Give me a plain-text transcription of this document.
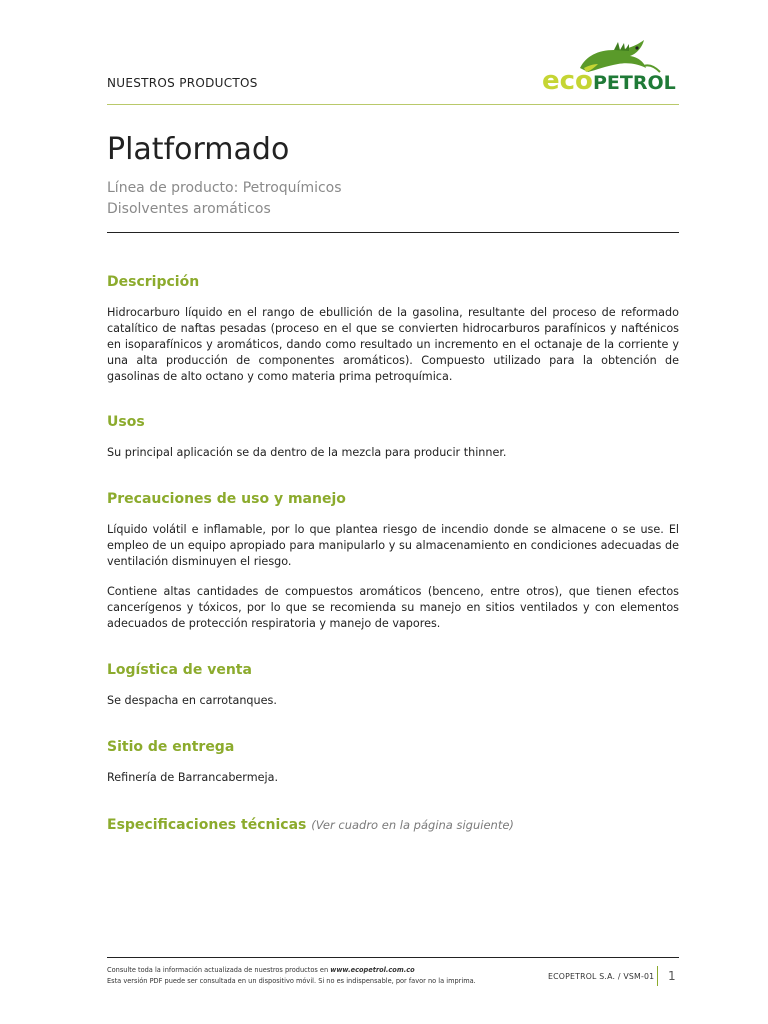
NUESTROS PRODUCTOS	eco PETROL
Platformado
Línea de producto: Petroquímicos
Disolventes aromáticos
Descripción

Hidrocarburo líquido en el rango de ebullición de la gasolina, resultante del proceso de reformado catalítico de naftas pesadas (proceso en el que se convierten hidrocarburos parafínicos y nafténicos en isoparafínicos y aromáticos, dando como resultado un incremento en el octanaje de la corriente y una alta producción de componentes aromáticos). Compuesto utilizado para la obtención de gasolinas de alto octano y como materia prima petroquímica.

Usos

Su principal aplicación se da dentro de la mezcla para producir thinner.

Precauciones de uso y manejo

Líquido volátil e inflamable, por lo que plantea riesgo de incendio donde se almacene o se use. El empleo de un equipo apropiado para manipularlo y su almacenamiento en condiciones adecuadas de ventilación disminuyen el riesgo.

Contiene altas cantidades de compuestos aromáticos (benceno, entre otros), que tienen efectos cancerígenos y tóxicos, por lo que se recomienda su manejo en sitios ventilados y con elementos adecuados de protección respiratoria y manejo de vapores.

Logística de venta

Se despacha en carrotanques.

Sitio de entrega

Refinería de Barrancabermeja.

Especificaciones técnicas (Ver cuadro en la página siguiente)
Consulte toda la información actualizada de nuestros productos en www.ecopetrol.com.co
Esta versión PDF puede ser consultada en un dispositivo móvil. Si no es indispensable, por favor no la imprima.	ECOPETROL S.A. / VSM-01 1
